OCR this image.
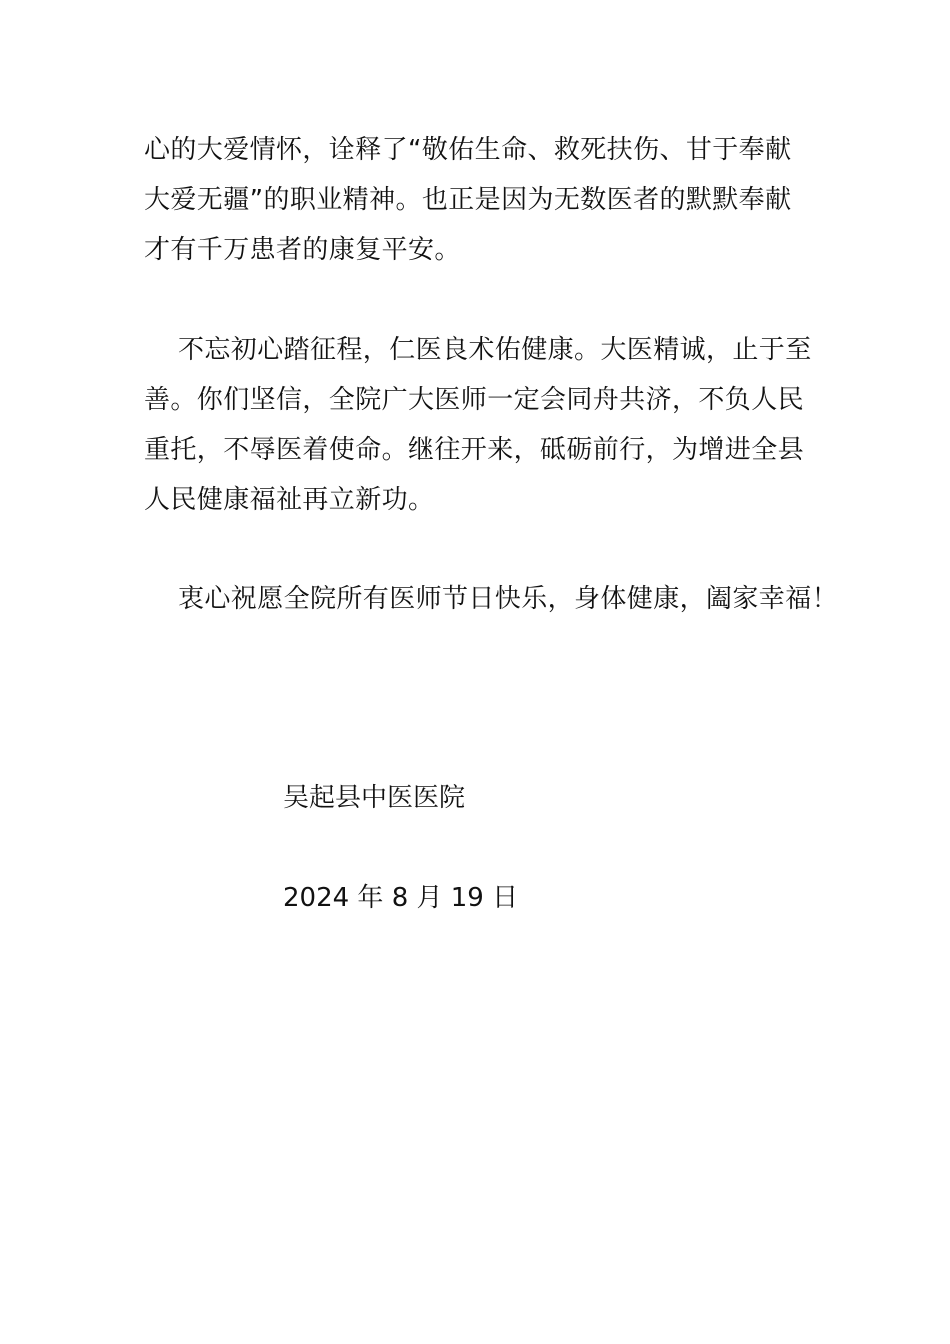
心的大爱情怀，诠释了“敬佑生命、救死扶伤、甘于奉献
大爱无疆”的职业精神。也正是因为无数医者的默默奉献
才有千万患者的康复平安。
不忘初心踏征程，仁医良术佑健康。大医精诚，止于至
善。你们坚信，全院广大医师一定会同舟共济，不负人民
重托，不辱医着使命。继往开来，砥砺前行，为增进全县
人民健康福祉再立新功。
衷心祝愿全院所有医师节日快乐，身体健康，阖家幸福！
吴起县中医医院
2024 年 8 月 19 日
